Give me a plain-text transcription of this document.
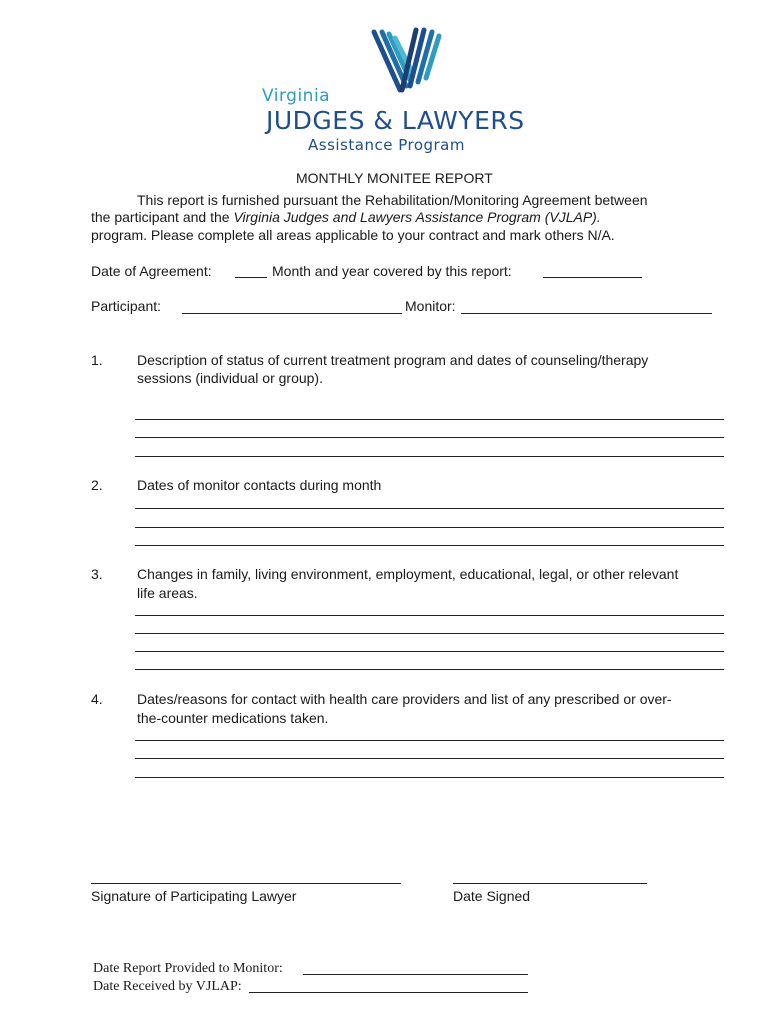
Virginia
JUDGES & LAWYERS
Assistance Program
MONTHLY MONITEE REPORT
This report is furnished pursuant the Rehabilitation/Monitoring Agreement between
the participant and the Virginia Judges and Lawyers Assistance Program (VJLAP).
program. Please complete all areas applicable to your contract and mark others N/A.
Date of Agreement:	Month and year covered by this report:
Participant:	Monitor:
1. Description of status of current treatment program and dates of counseling/therapy
sessions (individual or group).
2. Dates of monitor contacts during month
3. Changes in family, living environment, employment, educational, legal, or other relevant
life areas.
4. Dates/reasons for contact with health care providers and list of any prescribed or over-
the-counter medications taken.
Signature of Participating Lawyer	Date Signed
Date Report Provided to Monitor:
Date Received by VJLAP:
